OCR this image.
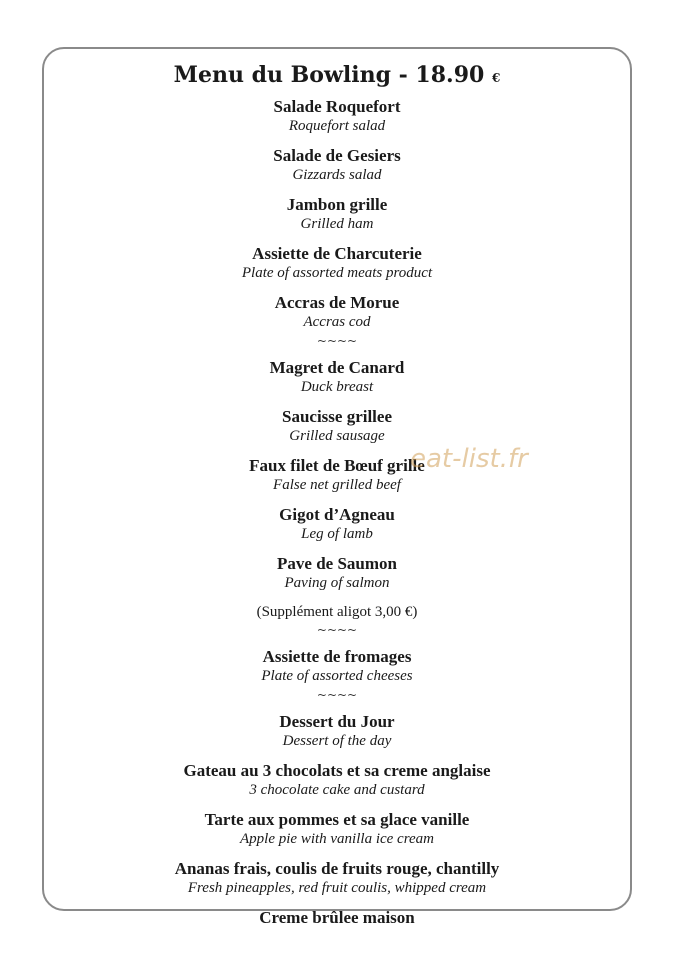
Menu du Bowling - 18.90 €
Salade Roquefort
Roquefort salad
Salade de Gesiers
Gizzards salad
Jambon grille
Grilled ham
Assiette de Charcuterie
Plate of assorted meats product
Accras de Morue
Accras cod
~~~~
Magret de Canard
Duck breast
Saucisse grillee
Grilled sausage
Faux filet de Bœuf grille
False net grilled beef
Gigot d’Agneau
Leg of lamb
Pave de Saumon
Paving of salmon
(Supplément aligot 3,00 €)
~~~~
Assiette de fromages
Plate of assorted cheeses
~~~~
Dessert du Jour
Dessert of the day
Gateau au 3 chocolats et sa creme anglaise
3 chocolate cake and custard
Tarte aux pommes et sa glace vanille
Apple pie with vanilla ice cream
Ananas frais, coulis de fruits rouge, chantilly
Fresh pineapples, red fruit coulis, whipped cream
Creme brûlee maison
eat-list.fr
